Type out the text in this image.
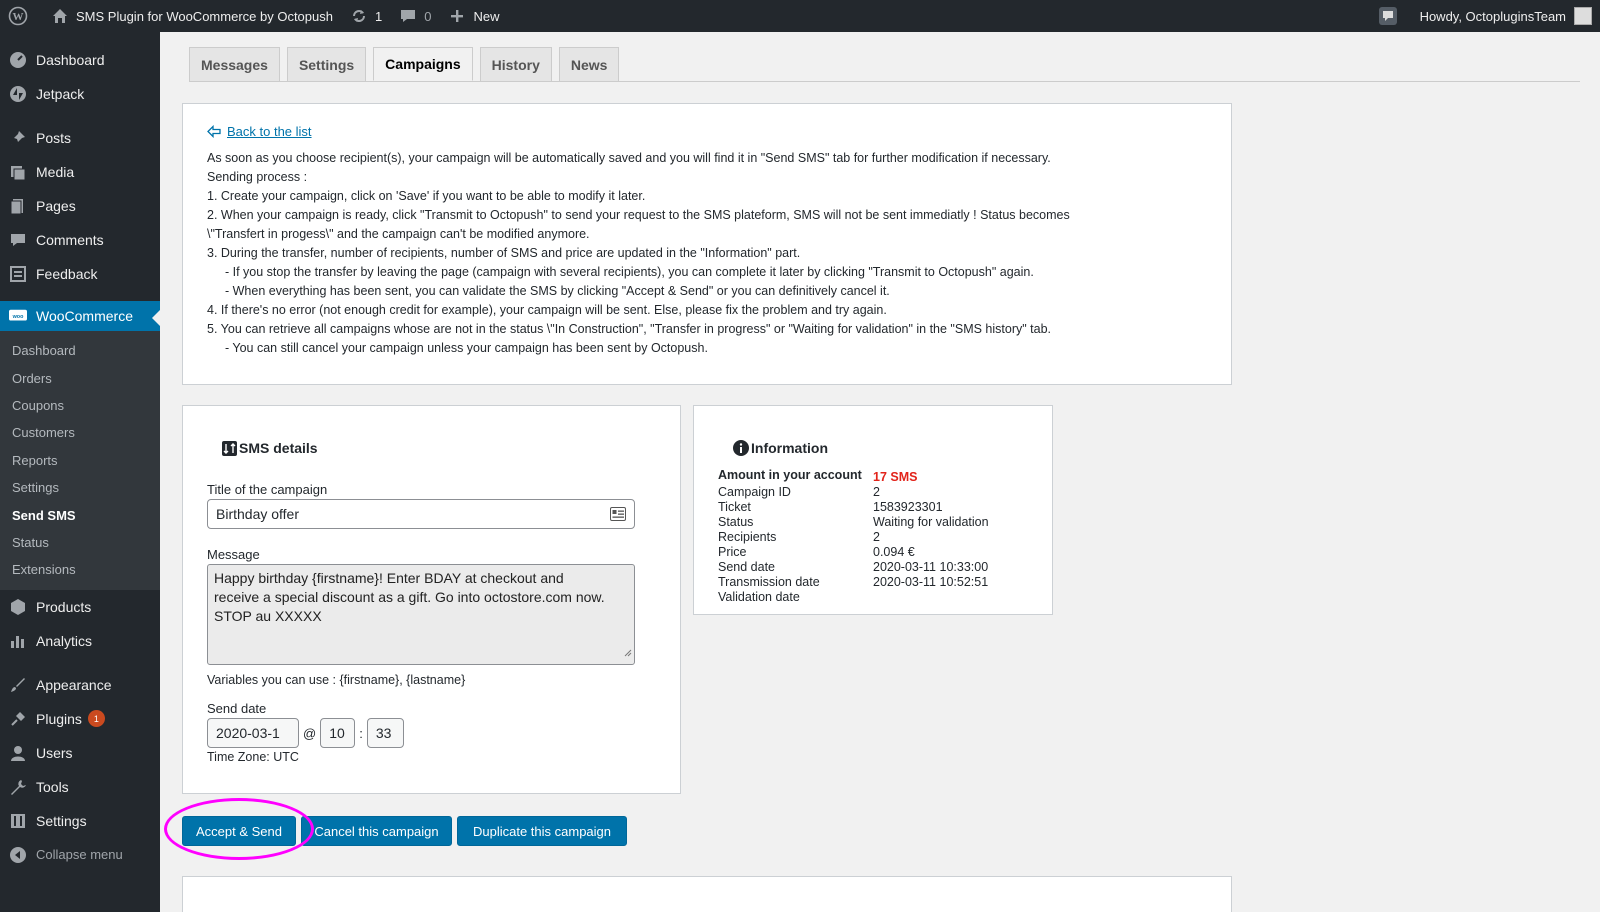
W	SMS Plugin for WooCommerce by Octopush	1	0	New	Howdy, OctopluginsTeam
Dashboard
Jetpack
Posts
Media
Pages
Comments
Feedback
woo WooCommerce
Dashboard
Orders
Coupons
Customers
Reports
Settings
Send SMS
Status
Extensions
Products
Analytics
Appearance
Plugins	1
Users
Tools
Settings
Collapse menu
Messages	Settings	Campaigns	History	News
Back to the list
As soon as you choose recipient(s), your campaign will be automatically saved and you will find it in "Send SMS" tab for further modification if necessary.
Sending process :
1. Create your campaign, click on 'Save' if you want to be able to modify it later.
2. When your campaign is ready, click "Transmit to Octopush" to send your request to the SMS plateform, SMS will not be sent immediatly ! Status becomes
\"Transfert in progess\" and the campaign can't be modified anymore.
3. During the transfer, number of recipients, number of SMS and price are updated in the "Information" part.
- If you stop the transfer by leaving the page (campaign with several recipients), you can complete it later by clicking "Transmit to Octopush" again.
- When everything has been sent, you can validate the SMS by clicking "Accept & Send" or you can definitively cancel it.
4. If there's no error (not enough credit for example), your campaign will be sent. Else, please fix the problem and try again.
5. You can retrieve all campaigns whose are not in the status \"In Construction", "Transfer in progress" or "Waiting for validation" in the "SMS history" tab.
- You can still cancel your campaign unless your campaign has been sent by Octopush.
SMS details
Title of the campaign
Birthday offer
Message
Happy birthday {firstname}! Enter BDAY at checkout and
receive a special discount as a gift. Go into octostore.com now.
STOP au XXXXX
Variables you can use : {firstname}, {lastname}
Send date
2020-03-1	@ 10	: 33
Time Zone: UTC
Information
Amount in your account 17 SMS
Campaign ID	2
Ticket	1583923301
Status	Waiting for validation
Recipients	2
Price	0.094 €
Send date	2020-03-11 10:33:00
Transmission date	2020-03-11 10:52:51
Validation date
Accept & Send	Cancel this campaign	Duplicate this campaign
